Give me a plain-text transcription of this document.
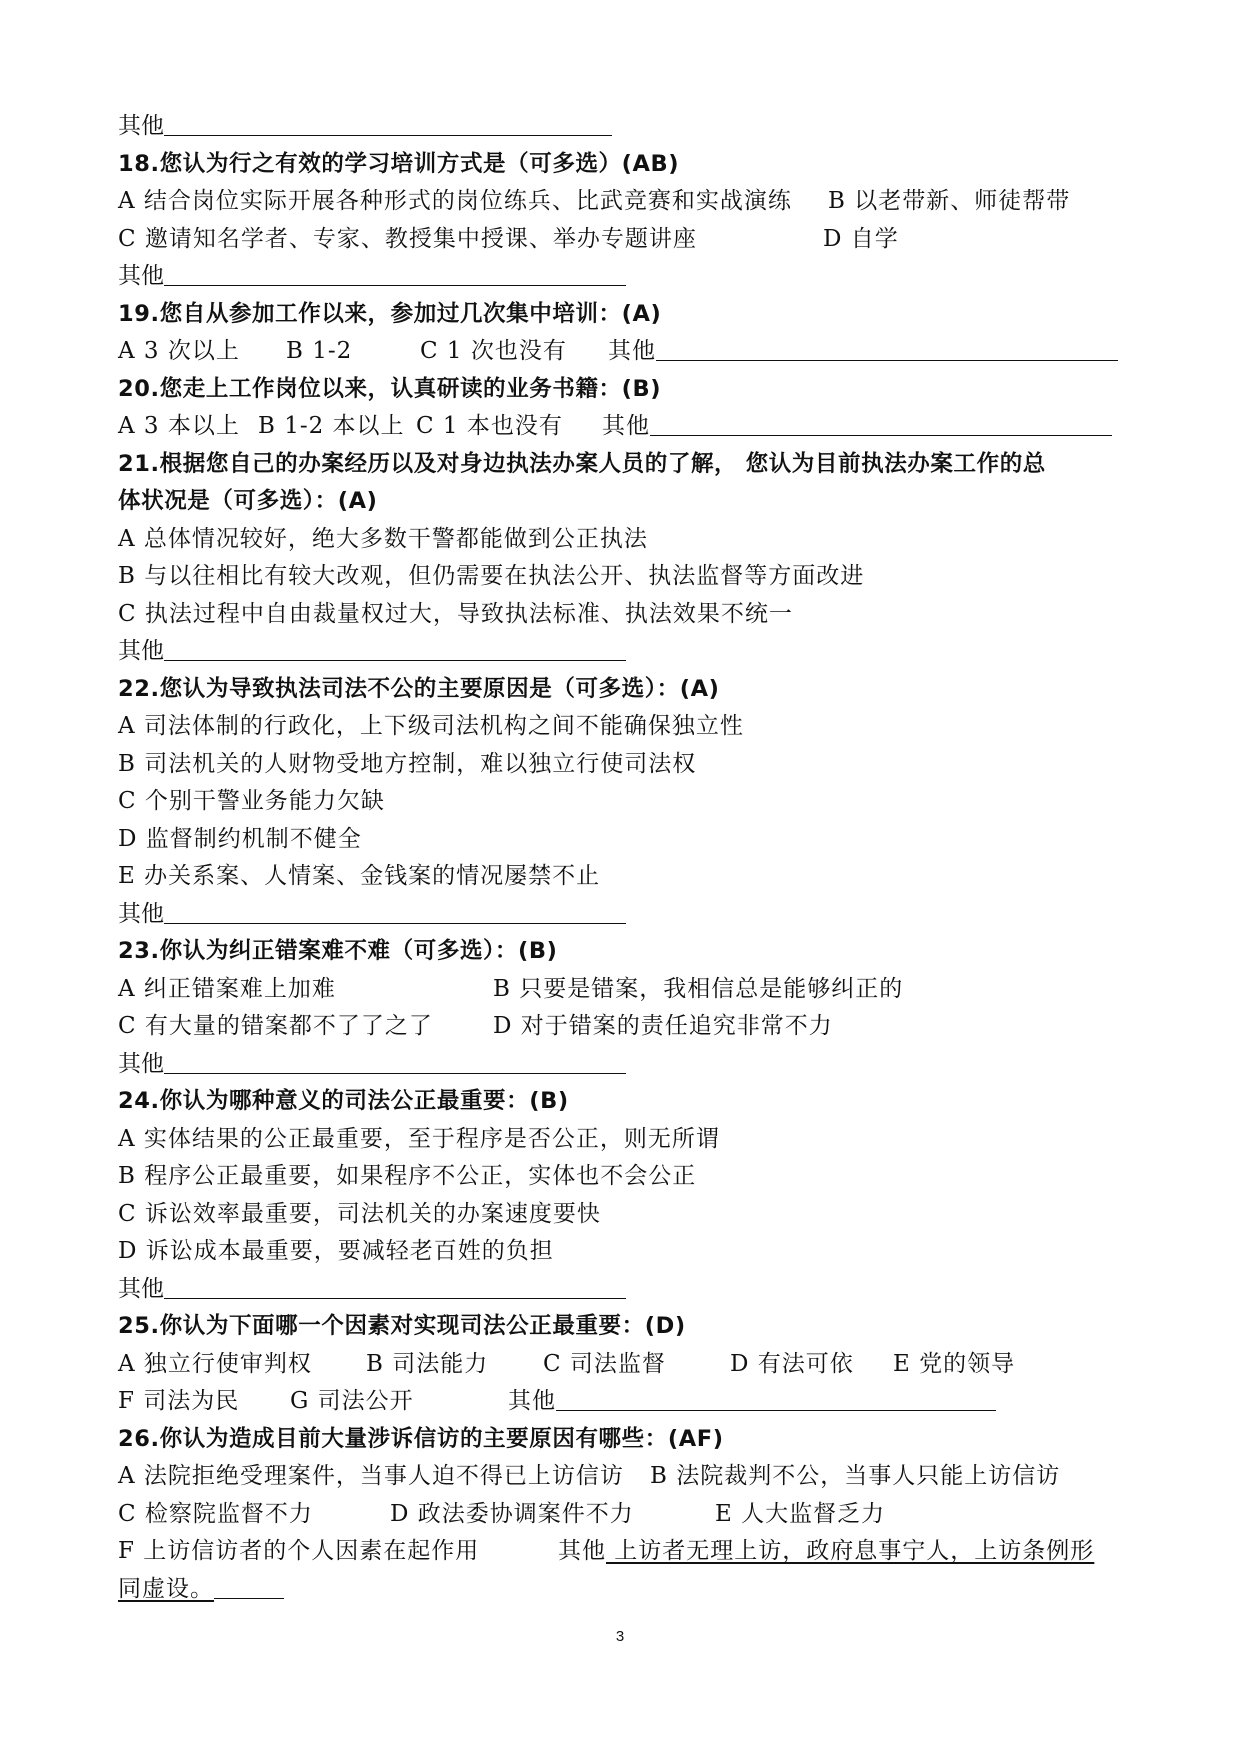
其他
18.您认为行之有效的学习培训方式是（可多选）(AB)
A 结合岗位实际开展各种形式的岗位练兵、比武竞赛和实战演练 B 以老带新、师徒帮带
C 邀请知名学者、专家、教授集中授课、举办专题讲座	D 自学
其他
19.您自从参加工作以来，参加过几次集中培训：(A)
A 3 次以上 B 1-2	C 1 次也没有 其他
20.您走上工作岗位以来，认真研读的业务书籍：(B)
A 3 本以上 B 1-2 本以上 C 1 本也没有 其他
21.根据您自己的办案经历以及对身边执法办案人员的了解， 您认为目前执法办案工作的总
体状况是（可多选）：(A)
A 总体情况较好，绝大多数干警都能做到公正执法
B 与以往相比有较大改观，但仍需要在执法公开、执法监督等方面改进
C 执法过程中自由裁量权过大，导致执法标准、执法效果不统一
其他
22.您认为导致执法司法不公的主要原因是（可多选）：(A)
A 司法体制的行政化，上下级司法机构之间不能确保独立性
B 司法机关的人财物受地方控制，难以独立行使司法权
C 个别干警业务能力欠缺
D 监督制约机制不健全
E 办关系案、人情案、金钱案的情况屡禁不止
其他
23.你认为纠正错案难不难（可多选）：(B)
A 纠正错案难上加难	B 只要是错案，我相信总是能够纠正的
C 有大量的错案都不了了之了	D 对于错案的责任追究非常不力
其他
24.你认为哪种意义的司法公正最重要：(B)
A 实体结果的公正最重要，至于程序是否公正，则无所谓
B 程序公正最重要，如果程序不公正，实体也不会公正
C 诉讼效率最重要，司法机关的办案速度要快
D 诉讼成本最重要，要减轻老百姓的负担
其他
25.你认为下面哪一个因素对实现司法公正最重要：(D)
A 独立行使审判权 B 司法能力 C 司法监督	D 有法可依 E 党的领导
F 司法为民 G 司法公开	其他
26.你认为造成目前大量涉诉信访的主要原因有哪些：(AF)
A 法院拒绝受理案件，当事人迫不得已上访信访 B 法院裁判不公，当事人只能上访信访
C 检察院监督不力	D 政法委协调案件不力	E 人大监督乏力
F 上访信访者的个人因素在起作用	其他 上访者无理上访，政府息事宁人，上访条例形
同虚设。
3
